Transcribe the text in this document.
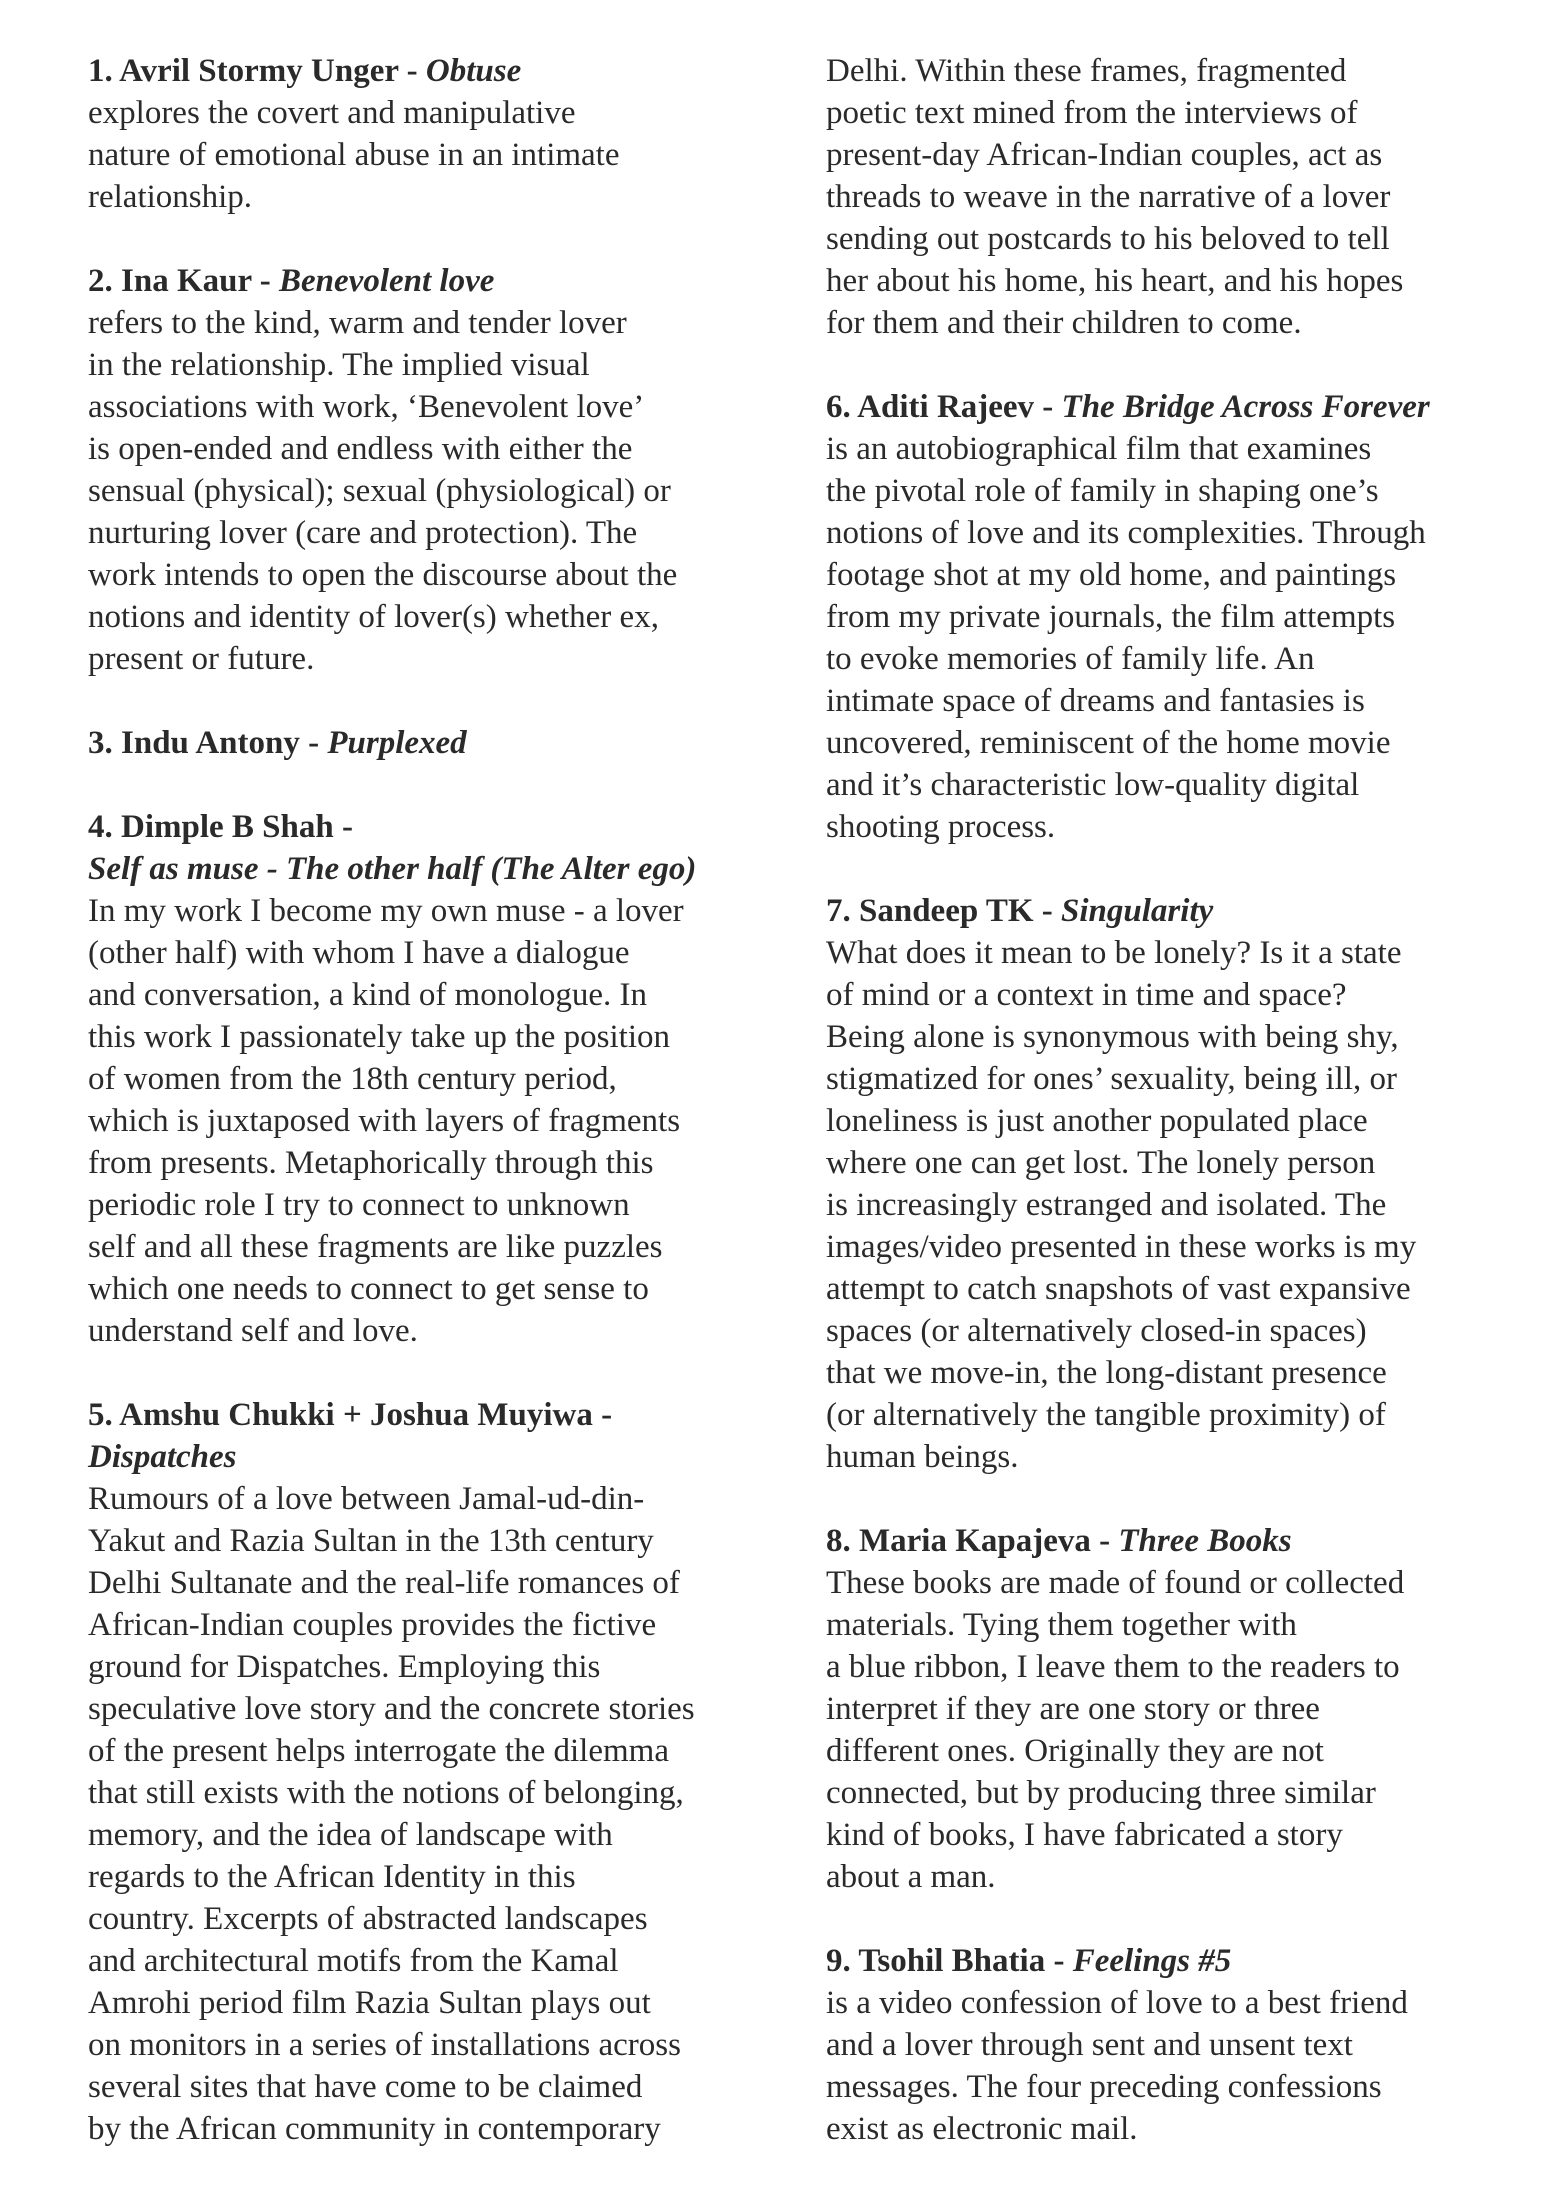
1. Avril Stormy Unger - Obtuse
explores the covert and manipulative
nature of emotional abuse in an intimate
relationship.
2. Ina Kaur - Benevolent love
refers to the kind, warm and tender lover
in the relationship. The implied visual
associations with work, ‘Benevolent love’
is open-ended and endless with either the
sensual (physical); sexual (physiological) or
nurturing lover (care and protection). The
work intends to open the discourse about the
notions and identity of lover(s) whether ex,
present or future.
3. Indu Antony - Purplexed
4. Dimple B Shah -
Self as muse - The other half (The Alter ego)
In my work I become my own muse - a lover
(other half) with whom I have a dialogue
and conversation, a kind of monologue. In
this work I passionately take up the position
of women from the 18th century period,
which is juxtaposed with layers of fragments
from presents. Metaphorically through this
periodic role I try to connect to unknown
self and all these fragments are like puzzles
which one needs to connect to get sense to
understand self and love.
5. Amshu Chukki + Joshua Muyiwa -
Dispatches
Rumours of a love between Jamal-ud-din-
Yakut and Razia Sultan in the 13th century
Delhi Sultanate and the real-life romances of
African-Indian couples provides the fictive
ground for Dispatches. Employing this
speculative love story and the concrete stories
of the present helps interrogate the dilemma
that still exists with the notions of belonging,
memory, and the idea of landscape with
regards to the African Identity in this
country. Excerpts of abstracted landscapes
and architectural motifs from the Kamal
Amrohi period film Razia Sultan plays out
on monitors in a series of installations across
several sites that have come to be claimed
by the African community in contemporary
Delhi. Within these frames, fragmented
poetic text mined from the interviews of
present-day African-Indian couples, act as
threads to weave in the narrative of a lover
sending out postcards to his beloved to tell
her about his home, his heart, and his hopes
for them and their children to come.
6. Aditi Rajeev - The Bridge Across Forever
is an autobiographical film that examines
the pivotal role of family in shaping one’s
notions of love and its complexities. Through
footage shot at my old home, and paintings
from my private journals, the film attempts
to evoke memories of family life. An
intimate space of dreams and fantasies is
uncovered, reminiscent of the home movie
and it’s characteristic low-quality digital
shooting process.
7. Sandeep TK - Singularity
What does it mean to be lonely? Is it a state
of mind or a context in time and space?
Being alone is synonymous with being shy,
stigmatized for ones’ sexuality, being ill, or
loneliness is just another populated place
where one can get lost. The lonely person
is increasingly estranged and isolated. The
images/video presented in these works is my
attempt to catch snapshots of vast expansive
spaces (or alternatively closed-in spaces)
that we move-in, the long-distant presence
(or alternatively the tangible proximity) of
human beings.
8. Maria Kapajeva - Three Books
These books are made of found or collected
materials. Tying them together with
a blue ribbon, I leave them to the readers to
interpret if they are one story or three
different ones. Originally they are not
connected, but by producing three similar
kind of books, I have fabricated a story
about a man.
9. Tsohil Bhatia - Feelings #5
is a video confession of love to a best friend
and a lover through sent and unsent text
messages. The four preceding confessions
exist as electronic mail.
